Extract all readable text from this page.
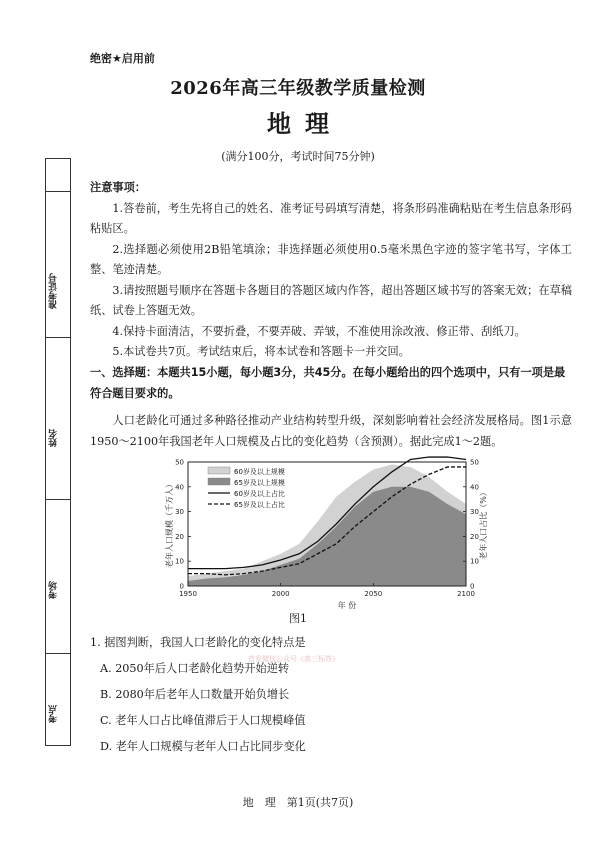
准考证号
姓名
考场
考点
绝密★启用前
2026年高三年级教学质量检测
地理
(满分100分，考试时间75分钟)
注意事项：

1.答卷前，考生先将自己的姓名、准考证号码填写清楚，将条形码准确粘贴在考生信息条形码粘贴区。

2.选择题必须使用2B铅笔填涂；非选择题必须使用0.5毫米黑色字迹的签字笔书写，字体工整、笔迹清楚。

3.请按照题号顺序在答题卡各题目的答题区域内作答，超出答题区域书写的答案无效；在草稿纸、试卷上答题无效。

4.保持卡面清洁，不要折叠，不要弄破、弄皱，不准使用涂改液、修正带、刮纸刀。

5.本试卷共7页。考试结束后，将本试卷和答题卡一并交回。

一、选择题：本题共15小题，每小题3分，共45分。在每小题给出的四个选项中，只有一项是最符合题目要求的。
人口老龄化可通过多种路径推动产业结构转型升级，深刻影响着社会经济发展格局。图1示意1950～2100年我国老年人口规模及占比的变化趋势（含预测）。据此完成1～2题。
1950	2000	2050	2100
0
10
20
30
40
50
0
10
20
30
40
50
年 份
老年人口规模（千万人）	老年人口占比（%）
60岁及以上规模
65岁及以上规模
60岁及以上占比
65岁及以上占比
图1
1. 据图判断，我国人口老龄化的变化特点是
A. 2050年后人口老龄化趋势开始逆转
B. 2080年后老年人口数量开始负增长
C. 老年人口占比峰值滞后于人口规模峰值
D. 老年人口规模与老年人口占比同步变化
首发微信公众号《高三标答》
地　理　第1页(共7页)
